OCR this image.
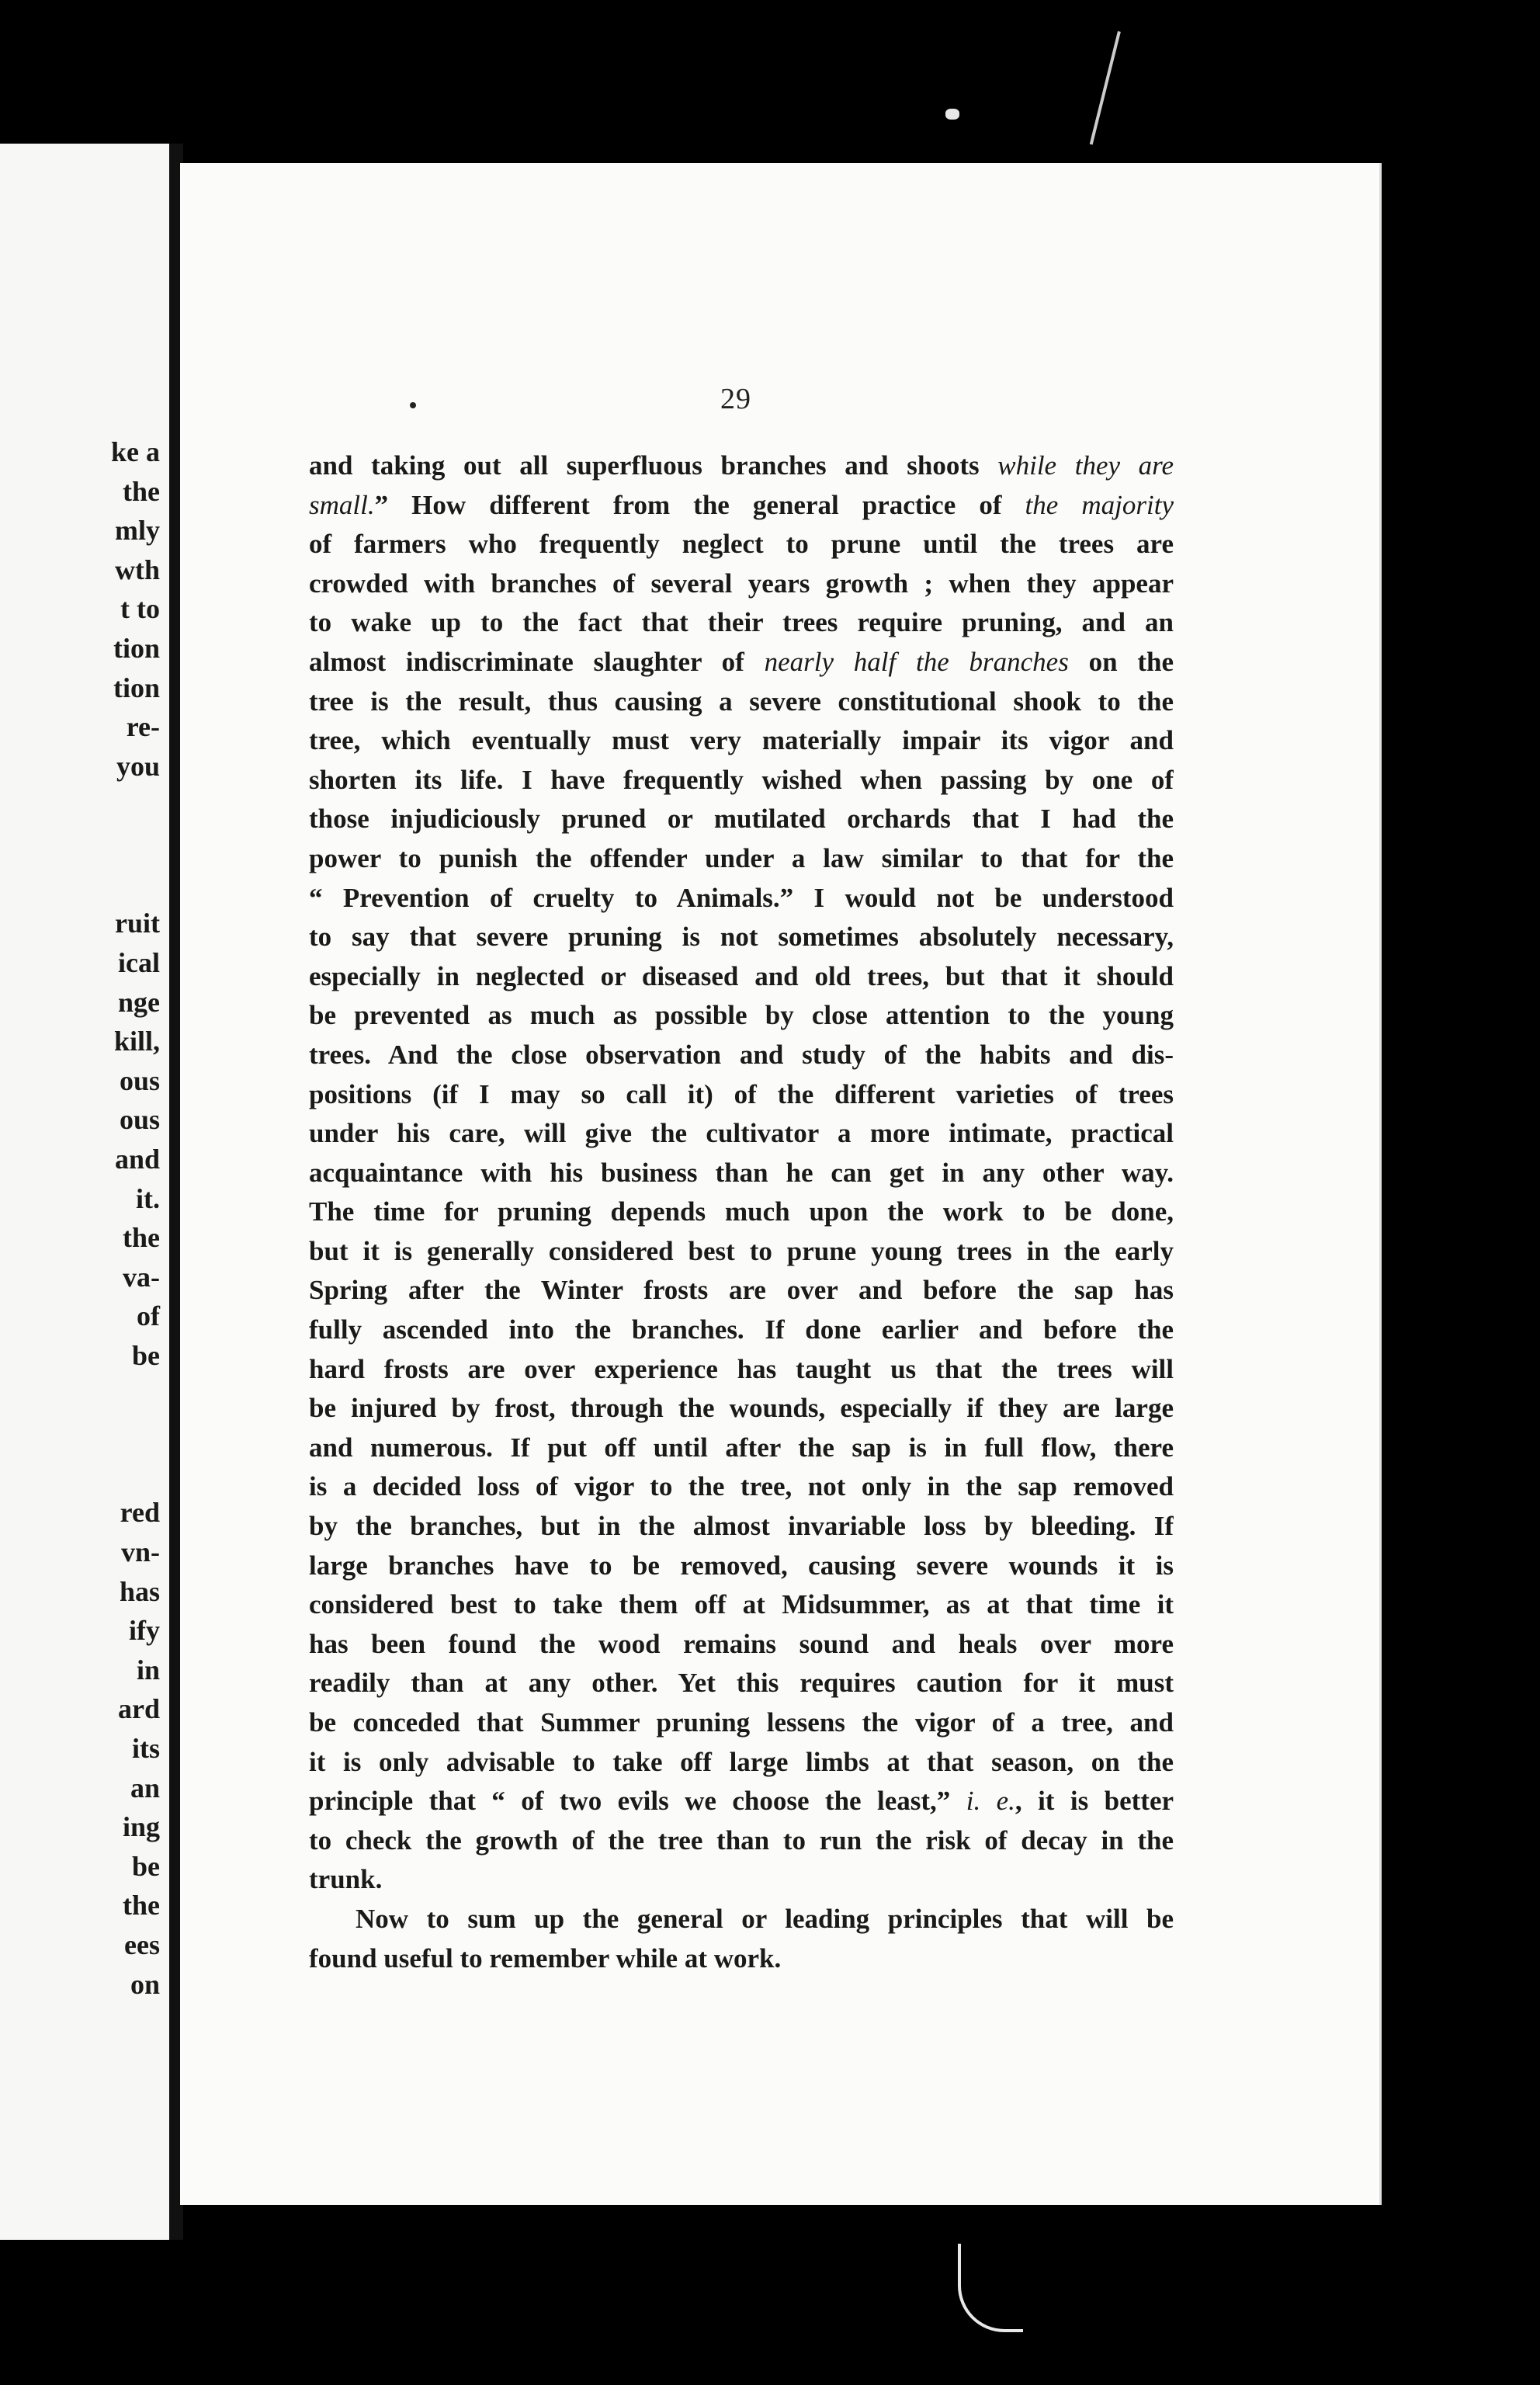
ke a
the
mly
wth
t to
tion
tion
re-
you
ruit
ical
nge
kill,
ous
ous
and
it.
the
va-
of
be
red
vn-
has
ify
in
ard
its
an
ing
be
the
ees
on
29
and taking out all superfluous branches and shoots while they are
small.” How different from the general practice of the majority
of farmers who frequently neglect to prune until the trees are
crowded with branches of several years growth ; when they appear
to wake up to the fact that their trees require pruning, and an
almost indiscriminate slaughter of nearly half the branches on the
tree is the result, thus causing a severe constitutional shook to the
tree, which eventually must very materially impair its vigor and
shorten its life. I have frequently wished when passing by one of
those injudiciously pruned or mutilated orchards that I had the
power to punish the offender under a law similar to that for the
“ Prevention of cruelty to Animals.” I would not be understood
to say that severe pruning is not sometimes absolutely necessary,
especially in neglected or diseased and old trees, but that it should
be prevented as much as possible by close attention to the young
trees. And the close observation and study of the habits and dis-
positions (if I may so call it) of the different varieties of trees
under his care, will give the cultivator a more intimate, practical
acquaintance with his business than he can get in any other way.
The time for pruning depends much upon the work to be done,
but it is generally considered best to prune young trees in the early
Spring after the Winter frosts are over and before the sap has
fully ascended into the branches. If done earlier and before the
hard frosts are over experience has taught us that the trees will
be injured by frost, through the wounds, especially if they are large
and numerous. If put off until after the sap is in full flow, there
is a decided loss of vigor to the tree, not only in the sap removed
by the branches, but in the almost invariable loss by bleeding. If
large branches have to be removed, causing severe wounds it is
considered best to take them off at Midsummer, as at that time it
has been found the wood remains sound and heals over more
readily than at any other. Yet this requires caution for it must
be conceded that Summer pruning lessens the vigor of a tree, and
it is only advisable to take off large limbs at that season, on the
principle that “ of two evils we choose the least,” i. e., it is better
to check the growth of the tree than to run the risk of decay in the
trunk.
Now to sum up the general or leading principles that will be
found useful to remember while at work.
